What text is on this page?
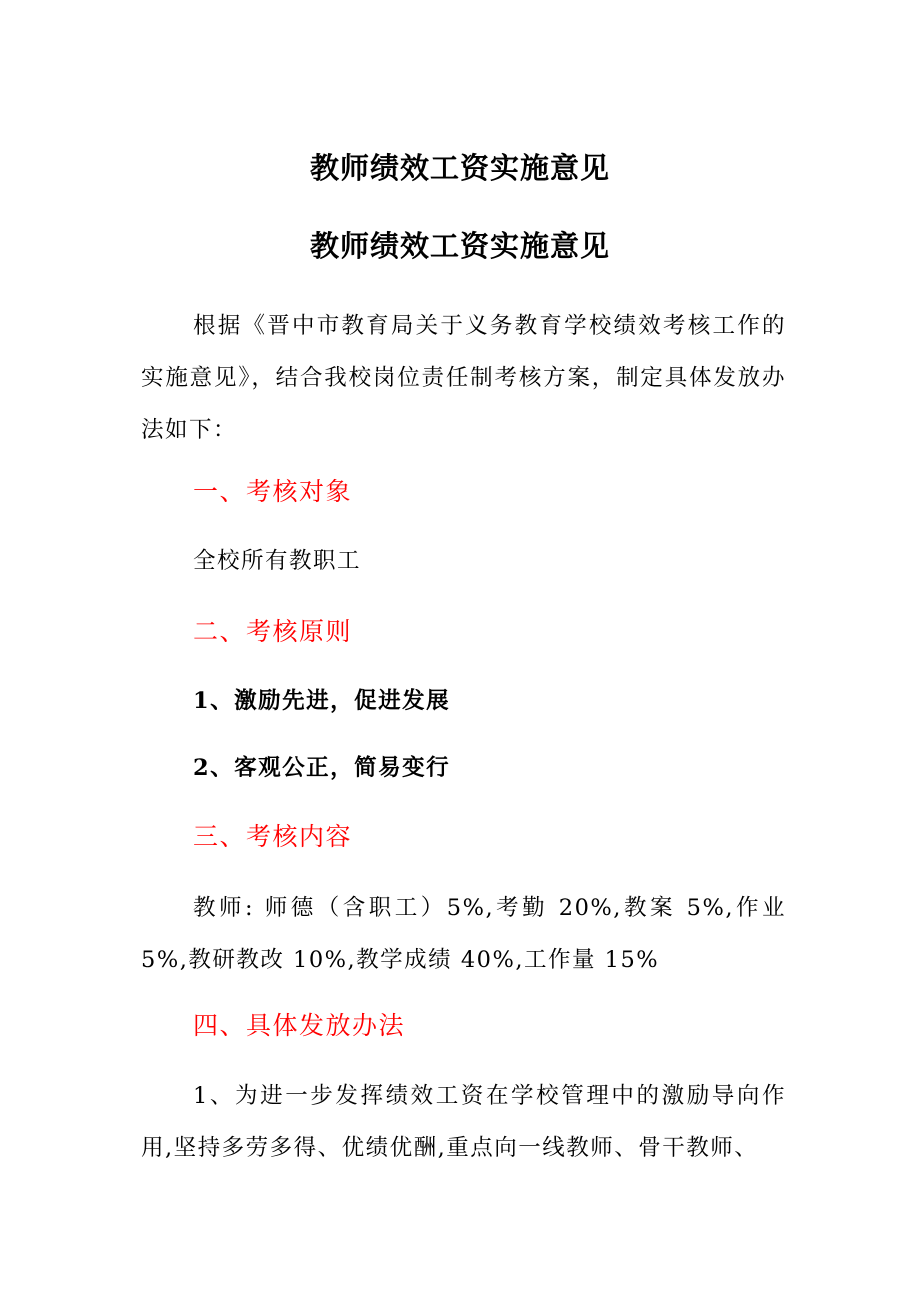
教师绩效工资实施意见
教师绩效工资实施意见
根据《晋中市教育局关于义务教育学校绩效考核工作的实施意见》，结合我校岗位责任制考核方案，制定具体发放办法如下：
一、考核对象
全校所有教职工
二、考核原则
1、激励先进，促进发展
2、客观公正，简易变行
三、考核内容
教师: 师德（含职工）5%,考勤 20%,教案 5%,作业 5%,教研教改 10%,教学成绩 40%,工作量 15%
四、具体发放办法
1、为进一步发挥绩效工资在学校管理中的激励导向作用,坚持多劳多得、优绩优酬,重点向一线教师、骨干教师、
